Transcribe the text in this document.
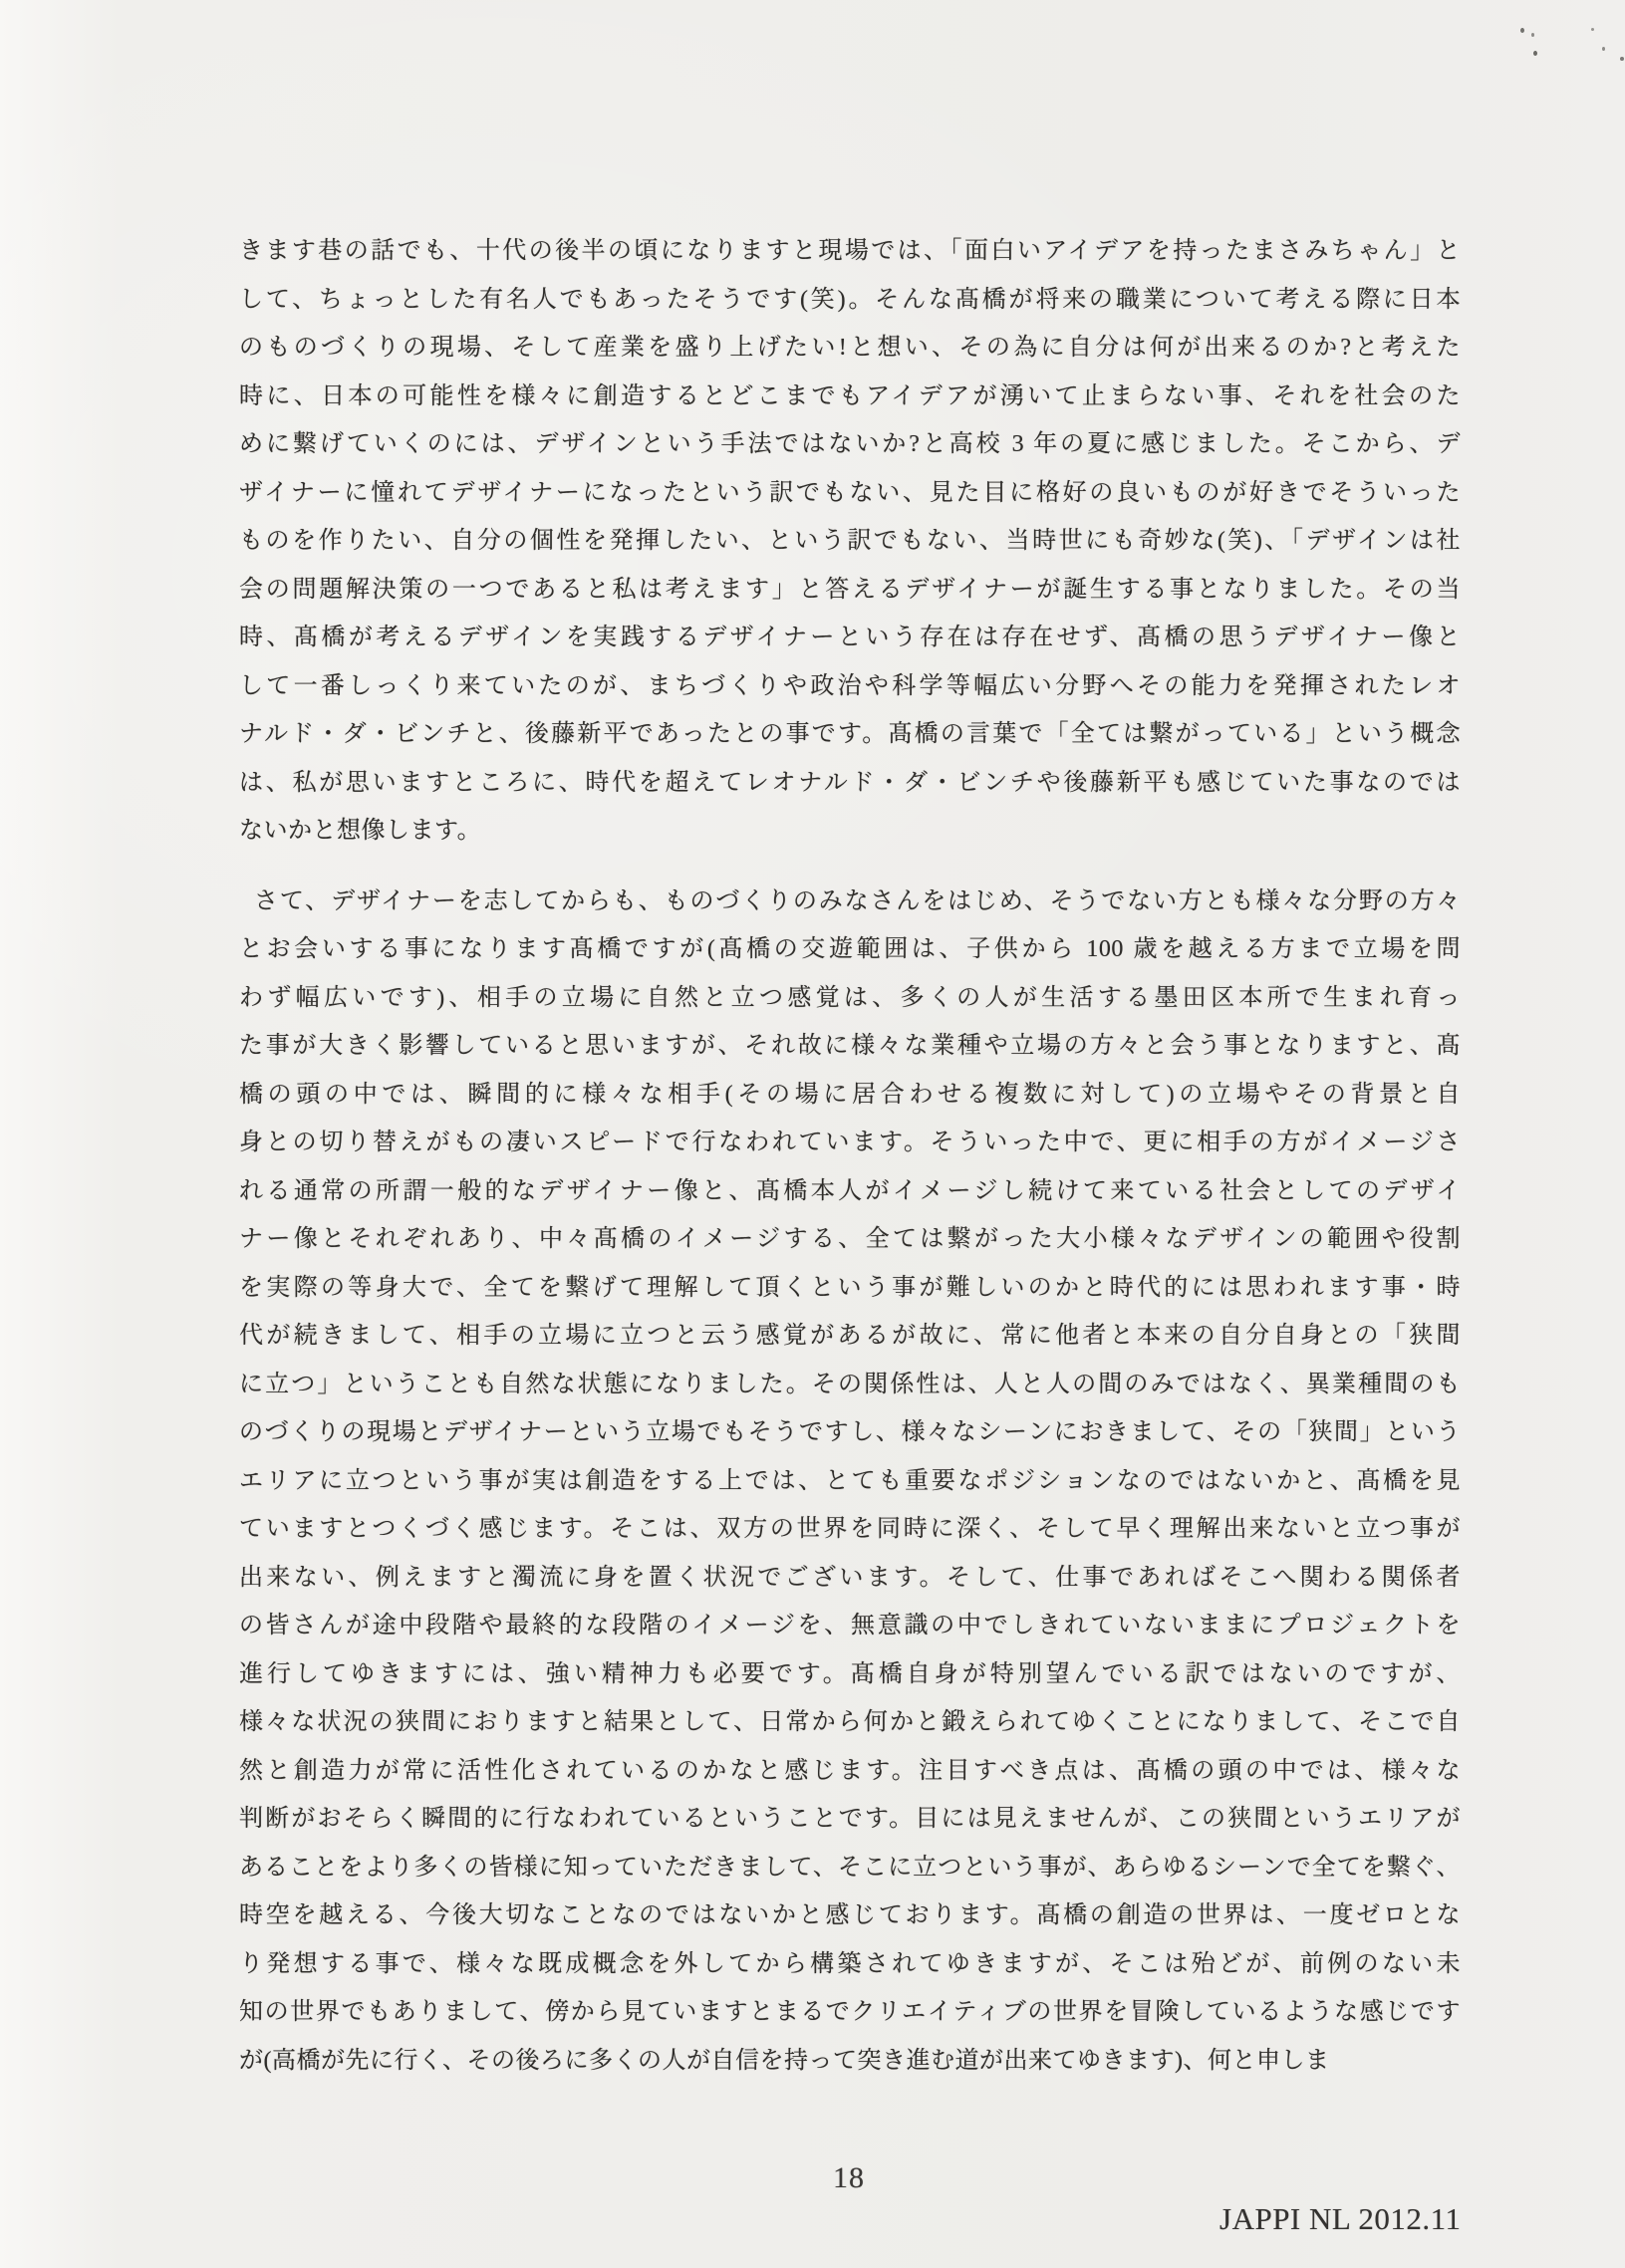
きます巷の話でも、十代の後半の頃になりますと現場では、「面白いアイデアを持ったまさみちゃん」と
して、ちょっとした有名人でもあったそうです(笑)。そんな髙橋が将来の職業について考える際に日本
のものづくりの現場、そして産業を盛り上げたい!と想い、その為に自分は何が出来るのか?と考えた
時に、日本の可能性を様々に創造するとどこまでもアイデアが湧いて止まらない事、それを社会のた
めに繋げていくのには、デザインという手法ではないか?と高校 3 年の夏に感じました。そこから、デ
ザイナーに憧れてデザイナーになったという訳でもない、見た目に格好の良いものが好きでそういった
ものを作りたい、自分の個性を発揮したい、という訳でもない、当時世にも奇妙な(笑)、「デザインは社
会の問題解決策の一つであると私は考えます」と答えるデザイナーが誕生する事となりました。その当
時、髙橋が考えるデザインを実践するデザイナーという存在は存在せず、髙橋の思うデザイナー像と
して一番しっくり来ていたのが、まちづくりや政治や科学等幅広い分野へその能力を発揮されたレオ
ナルド・ダ・ビンチと、後藤新平であったとの事です。髙橋の言葉で「全ては繋がっている」という概念
は、私が思いますところに、時代を超えてレオナルド・ダ・ビンチや後藤新平も感じていた事なのでは
ないかと想像します。
さて、デザイナーを志してからも、ものづくりのみなさんをはじめ、そうでない方とも様々な分野の方々
とお会いする事になります髙橋ですが(髙橋の交遊範囲は、子供から 100 歳を越える方まで立場を問
わず幅広いです)、相手の立場に自然と立つ感覚は、多くの人が生活する墨田区本所で生まれ育っ
た事が大きく影響していると思いますが、それ故に様々な業種や立場の方々と会う事となりますと、髙
橋の頭の中では、瞬間的に様々な相手(その場に居合わせる複数に対して)の立場やその背景と自
身との切り替えがもの凄いスピードで行なわれています。そういった中で、更に相手の方がイメージさ
れる通常の所謂一般的なデザイナー像と、髙橋本人がイメージし続けて来ている社会としてのデザイ
ナー像とそれぞれあり、中々髙橋のイメージする、全ては繋がった大小様々なデザインの範囲や役割
を実際の等身大で、全てを繋げて理解して頂くという事が難しいのかと時代的には思われます事・時
代が続きまして、相手の立場に立つと云う感覚があるが故に、常に他者と本来の自分自身との「狭間
に立つ」ということも自然な状態になりました。その関係性は、人と人の間のみではなく、異業種間のも
のづくりの現場とデザイナーという立場でもそうですし、様々なシーンにおきまして、その「狭間」という
エリアに立つという事が実は創造をする上では、とても重要なポジションなのではないかと、髙橋を見
ていますとつくづく感じます。そこは、双方の世界を同時に深く、そして早く理解出来ないと立つ事が
出来ない、例えますと濁流に身を置く状況でございます。そして、仕事であればそこへ関わる関係者
の皆さんが途中段階や最終的な段階のイメージを、無意識の中でしきれていないままにプロジェクトを
進行してゆきますには、強い精神力も必要です。髙橋自身が特別望んでいる訳ではないのですが、
様々な状況の狭間におりますと結果として、日常から何かと鍛えられてゆくことになりまして、そこで自
然と創造力が常に活性化されているのかなと感じます。注目すべき点は、髙橋の頭の中では、様々な
判断がおそらく瞬間的に行なわれているということです。目には見えませんが、この狭間というエリアが
あることをより多くの皆様に知っていただきまして、そこに立つという事が、あらゆるシーンで全てを繋ぐ、
時空を越える、今後大切なことなのではないかと感じております。髙橋の創造の世界は、一度ゼロとな
り発想する事で、様々な既成概念を外してから構築されてゆきますが、そこは殆どが、前例のない未
知の世界でもありまして、傍から見ていますとまるでクリエイティブの世界を冒険しているような感じです
が(高橋が先に行く、その後ろに多くの人が自信を持って突き進む道が出来てゆきます)、何と申しま
18
JAPPI NL 2012.11
